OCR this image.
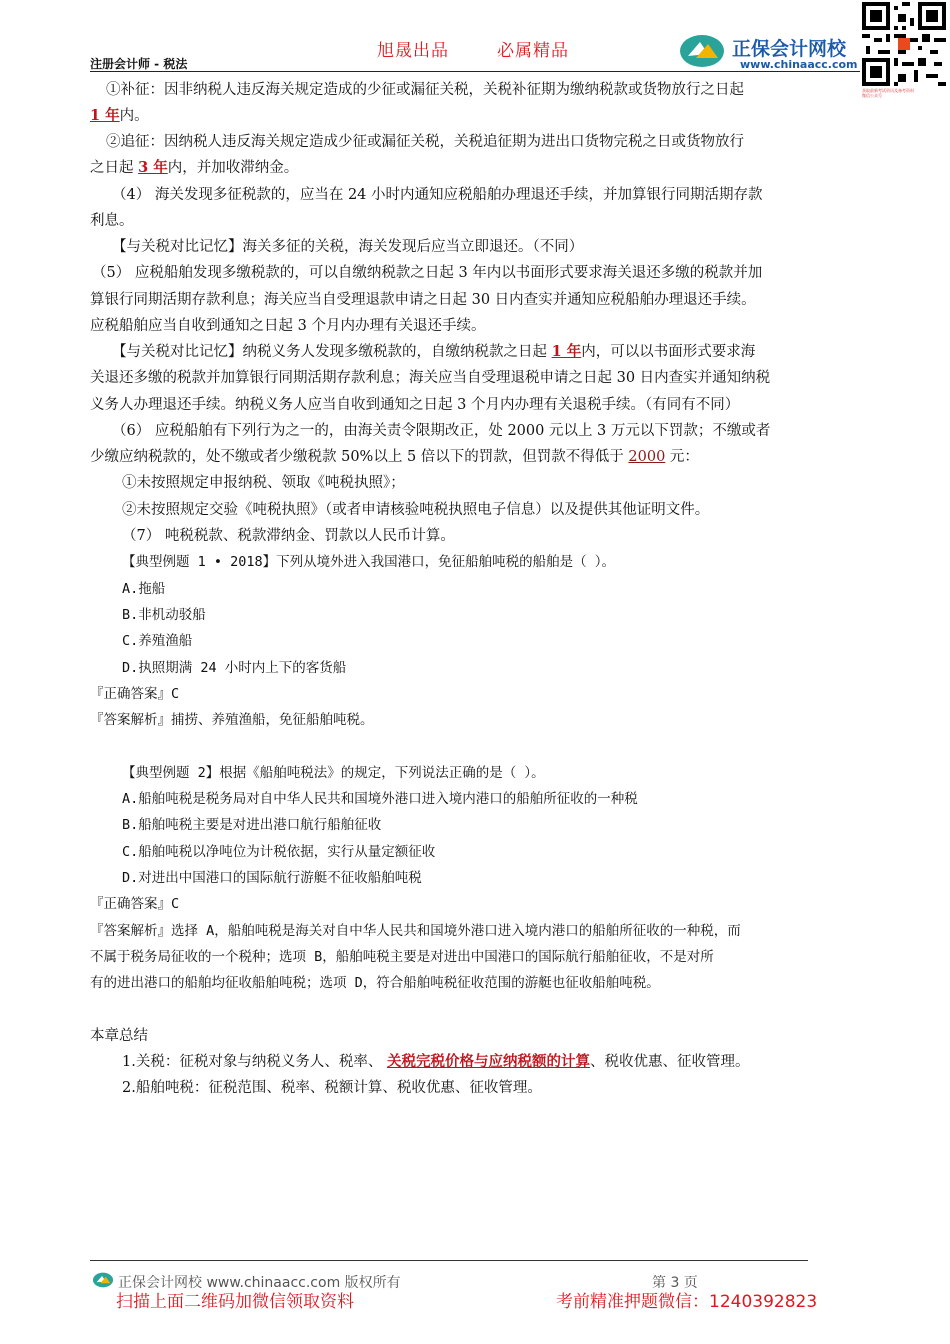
旭晟出品	必属精品
注册会计师 - 税法
正保会计网校
www.chinaacc.com
获取最新考试资讯及备考资料
微信公众号
①补征：因非纳税人违反海关规定造成的少征或漏征关税，关税补征期为缴纳税款或货物放行之日起
1 年内。
②追征：因纳税人违反海关规定造成少征或漏征关税，关税追征期为进出口货物完税之日或货物放行
之日起 3 年内，并加收滞纳金。
（4） 海关发现多征税款的，应当在 24 小时内通知应税船舶办理退还手续，并加算银行同期活期存款
利息。
【与关税对比记忆】海关多征的关税，海关发现后应当立即退还。（不同）
（5） 应税船舶发现多缴税款的，可以自缴纳税款之日起 3 年内以书面形式要求海关退还多缴的税款并加
算银行同期活期存款利息；海关应当自受理退款申请之日起 30 日内查实并通知应税船舶办理退还手续。
应税船舶应当自收到通知之日起 3 个月内办理有关退还手续。
【与关税对比记忆】纳税义务人发现多缴税款的，自缴纳税款之日起 1 年内，可以以书面形式要求海
关退还多缴的税款并加算银行同期活期存款利息；海关应当自受理退税申请之日起 30 日内查实并通知纳税
义务人办理退还手续。纳税义务人应当自收到通知之日起 3 个月内办理有关退税手续。（有同有不同）
（6） 应税船舶有下列行为之一的，由海关责令限期改正，处 2000 元以上 3 万元以下罚款；不缴或者
少缴应纳税款的，处不缴或者少缴税款 50%以上 5 倍以下的罚款，但罚款不得低于 2000 元：
①未按照规定申报纳税、领取《吨税执照》；
②未按照规定交验《吨税执照》（或者申请核验吨税执照电子信息）以及提供其他证明文件。
（7） 吨税税款、税款滞纳金、罚款以人民币计算。
【典型例题 1 • 2018】下列从境外进入我国港口，免征船舶吨税的船舶是（ ）。
A.拖船
B.非机动驳船
C.养殖渔船
D.执照期满 24 小时内上下的客货船
『正确答案』C
『答案解析』捕捞、养殖渔船，免征船舶吨税。
【典型例题 2】根据《船舶吨税法》的规定，下列说法正确的是（ ）。
A.船舶吨税是税务局对自中华人民共和国境外港口进入境内港口的船舶所征收的一种税
B.船舶吨税主要是对进出港口航行船舶征收
C.船舶吨税以净吨位为计税依据，实行从量定额征收
D.对进出中国港口的国际航行游艇不征收船舶吨税
『正确答案』C
『答案解析』选择 A，船舶吨税是海关对自中华人民共和国境外港口进入境内港口的船舶所征收的一种税，而
不属于税务局征收的一个税种；选项 B，船舶吨税主要是对进出中国港口的国际航行船舶征收，不是对所
有的进出港口的船舶均征收船舶吨税；选项 D，符合船舶吨税征收范围的游艇也征收船舶吨税。
本章总结
1.关税：征税对象与纳税义务人、税率、 关税完税价格与应纳税额的计算、税收优惠、征收管理。
2.船舶吨税：征税范围、税率、税额计算、税收优惠、征收管理。
正保会计网校 www.chinaacc.com 版权所有	第 3 页
扫描上面二维码加微信领取资料	考前精准押题微信：1240392823
